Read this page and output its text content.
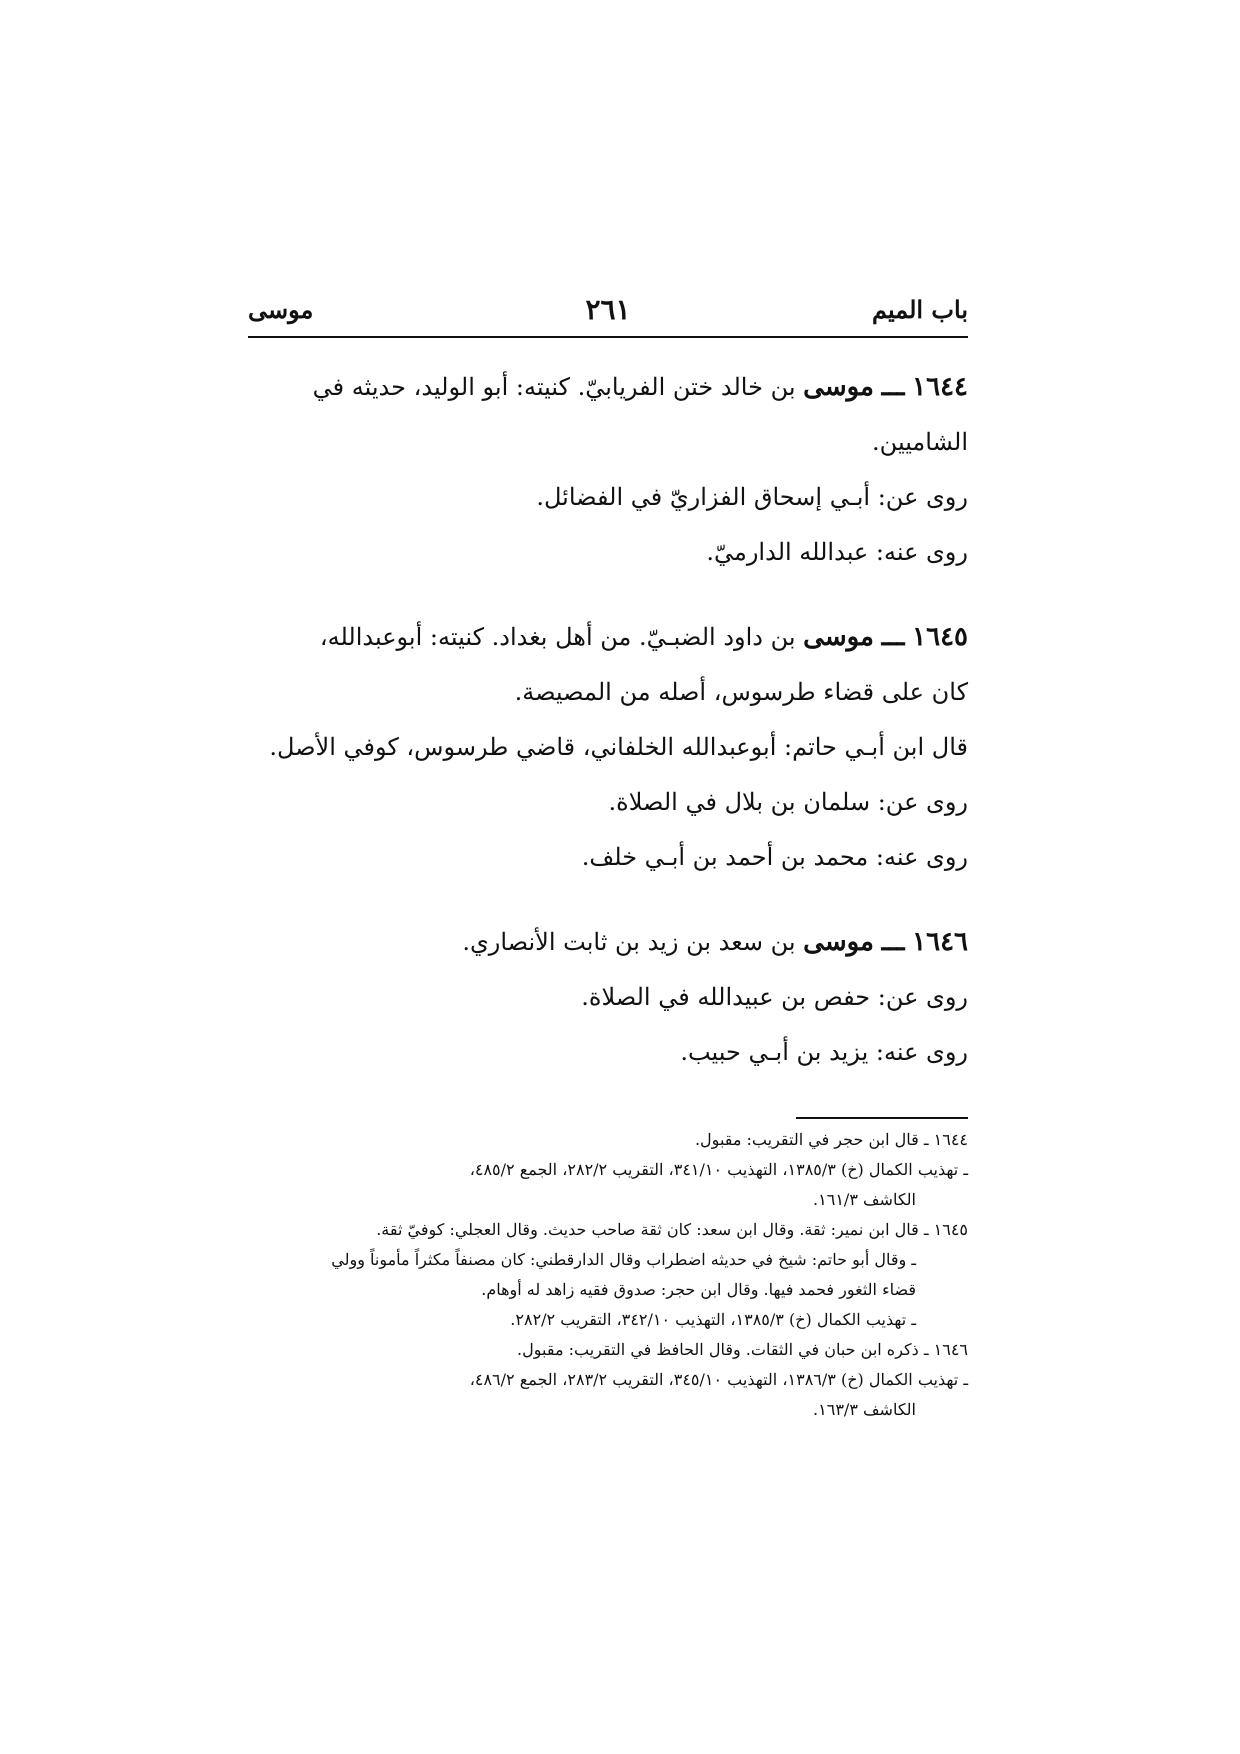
باب الميم
٢٦١
موسى

١٦٤٤ ـــ موسى بن خالد ختن الفريابيّ. كنيته: أبو الوليد، حديثه في

الشاميين.

روى عن: أبـي إسحاق الفزاريّ في الفضائل.

روى عنه: عبدالله الدارميّ.

١٦٤٥ ـــ موسى بن داود الضبـيّ. من أهل بغداد. كنيته: أبوعبدالله،

كان على قضاء طرسوس، أصله من المصيصة.

قال ابن أبـي حاتم: أبوعبدالله الخلفاني، قاضي طرسوس، كوفي الأصل.

روى عن: سلمان بن بلال في الصلاة.

روى عنه: محمد بن أحمد بن أبـي خلف.

١٦٤٦ ـــ موسى بن سعد بن زيد بن ثابت الأنصاري.

روى عن: حفص بن عبيدالله في الصلاة.

روى عنه: يزيد بن أبـي حبيب.

١٦٤٤ ـ قال ابن حجر في التقريب: مقبول.

ـ تهذيب الكمال (خ) ١٣٨٥/٣، التهذيب ٣٤١/١٠، التقريب ٢٨٢/٢، الجمع ٤٨٥/٢،

الكاشف ١٦١/٣.

١٦٤٥ ـ قال ابن نمير: ثقة. وقال ابن سعد: كان ثقة صاحب حديث. وقال العجلي: كوفيّ ثقة.

ـ وقال أبو حاتم: شيخ في حديثه اضطراب وقال الدارقطني: كان مصنفاً مكثراً مأموناً وولي

قضاء الثغور فحمد فيها. وقال ابن حجر: صدوق فقيه زاهد له أوهام.

ـ تهذيب الكمال (خ) ١٣٨٥/٣، التهذيب ٣٤٢/١٠، التقريب ٢٨٢/٢.

١٦٤٦ ـ ذكره ابن حبان في الثقات. وقال الحافظ في التقريب: مقبول.

ـ تهذيب الكمال (خ) ١٣٨٦/٣، التهذيب ٣٤٥/١٠، التقريب ٢٨٣/٢، الجمع ٤٨٦/٢،

الكاشف ١٦٣/٣.
